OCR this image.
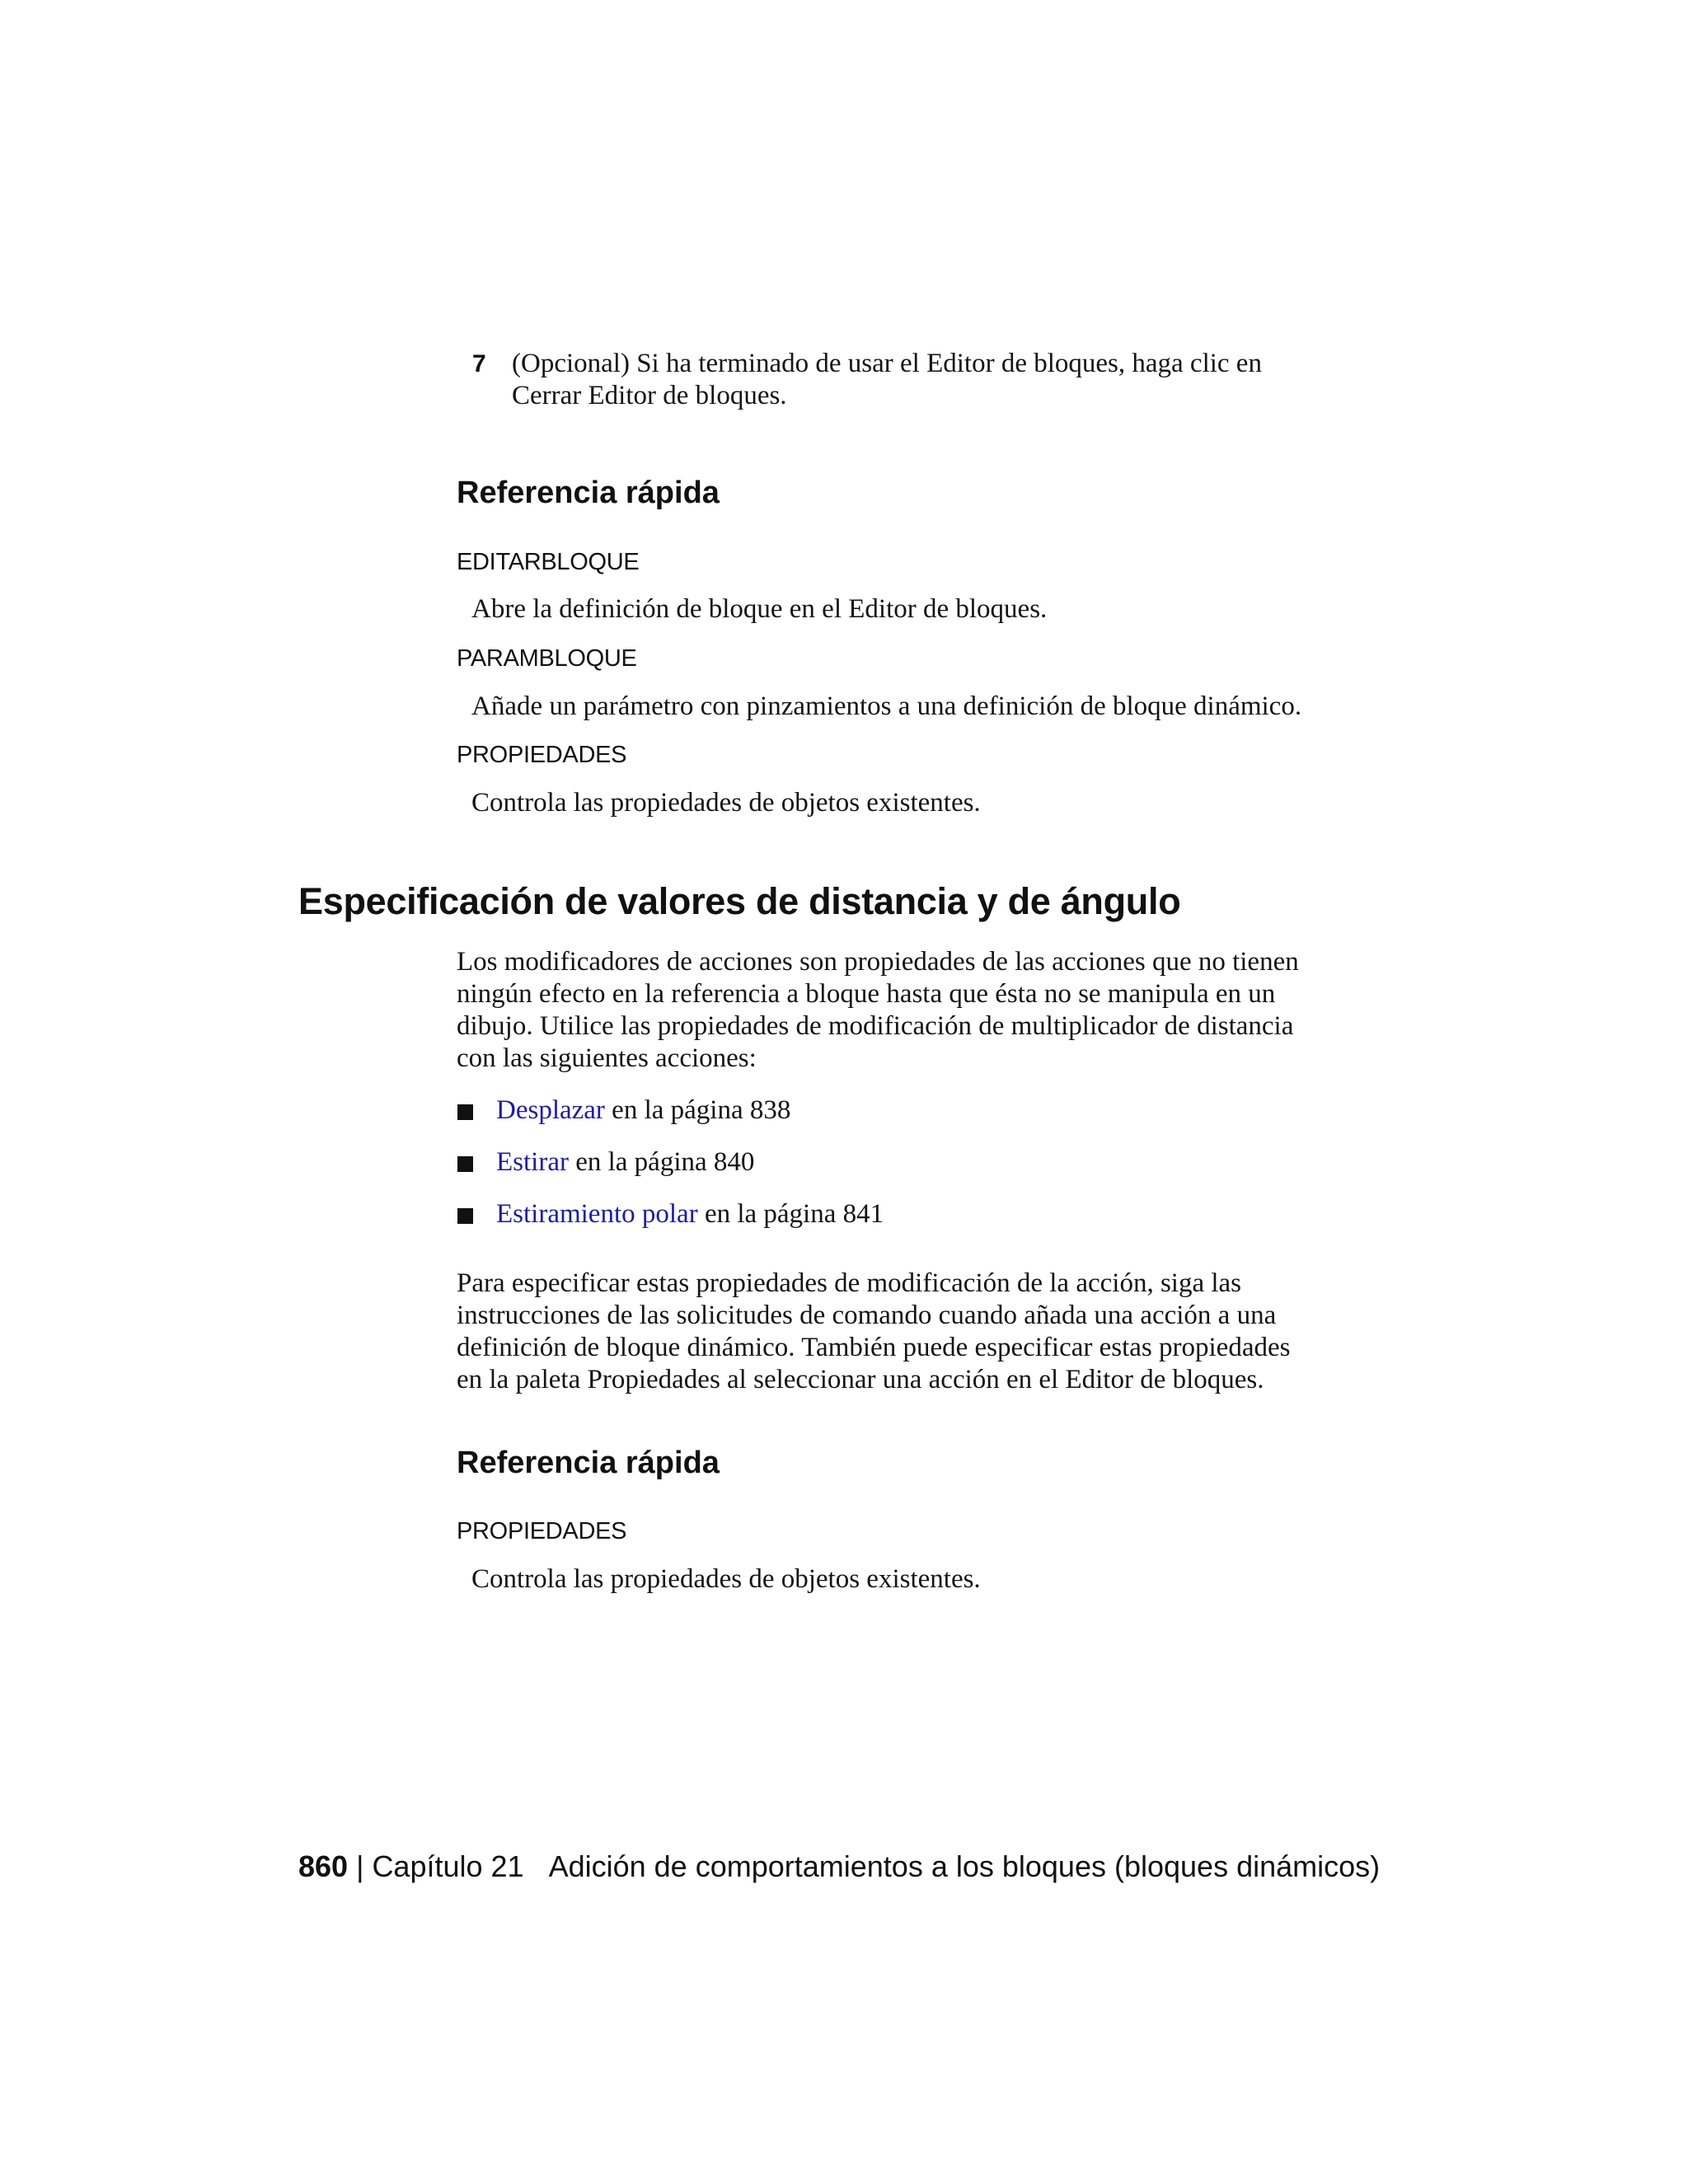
7 (Opcional) Si ha terminado de usar el Editor de bloques, haga clic en
Cerrar Editor de bloques.
Referencia rápida
EDITARBLOQUE
Abre la definición de bloque en el Editor de bloques.
PARAMBLOQUE
Añade un parámetro con pinzamientos a una definición de bloque dinámico.
PROPIEDADES
Controla las propiedades de objetos existentes.
Especificación de valores de distancia y de ángulo
Los modificadores de acciones son propiedades de las acciones que no tienen
ningún efecto en la referencia a bloque hasta que ésta no se manipula en un
dibujo. Utilice las propiedades de modificación de multiplicador de distancia
con las siguientes acciones:
Desplazar en la página 838
Estirar en la página 840
Estiramiento polar en la página 841
Para especificar estas propiedades de modificación de la acción, siga las
instrucciones de las solicitudes de comando cuando añada una acción a una
definición de bloque dinámico. También puede especificar estas propiedades
en la paleta Propiedades al seleccionar una acción en el Editor de bloques.
Referencia rápida
PROPIEDADES
Controla las propiedades de objetos existentes.
860 | Capítulo 21 Adición de comportamientos a los bloques (bloques dinámicos)
